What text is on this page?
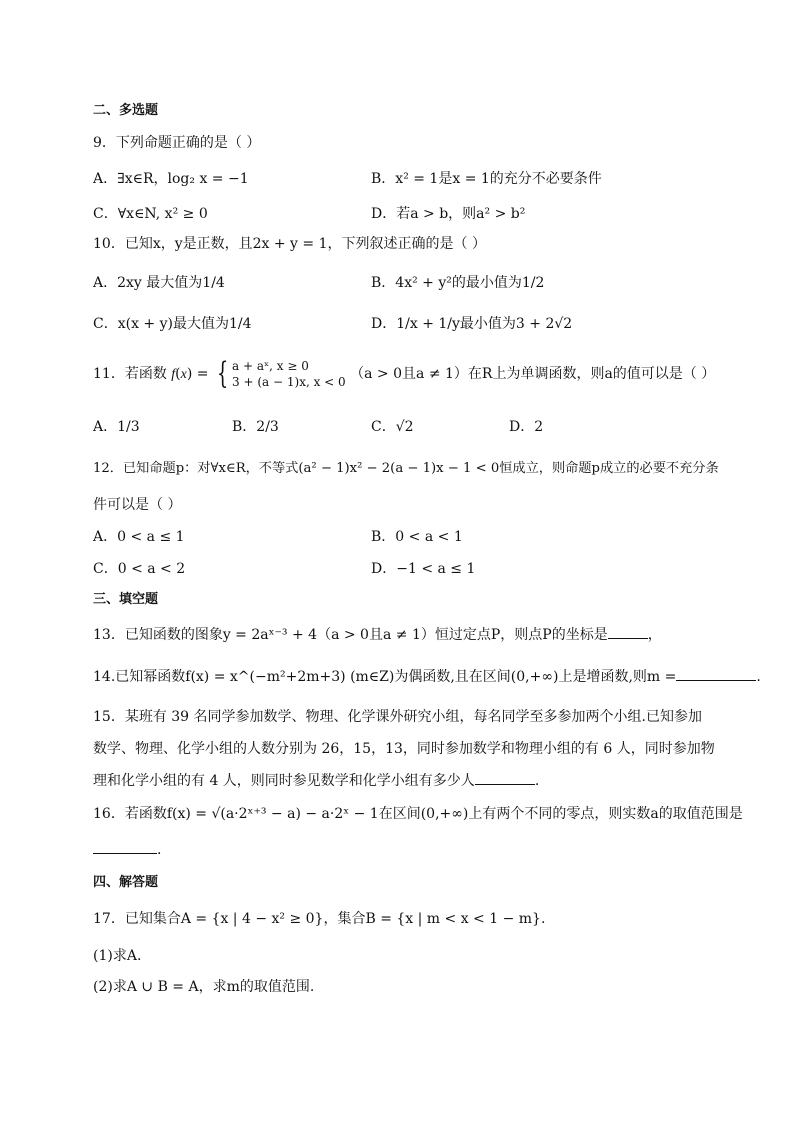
二、多选题
9．下列命题正确的是（ ）
A．∃x∈R，log₂ x = −1	B．x² = 1是x = 1的充分不必要条件
C．∀x∈N, x² ≥ 0	D．若a > b，则a² > b²
10．已知x，y是正数，且2x + y = 1，下列叙述正确的是（ ）
A．2xy 最大值为1/4	B．4x² + y²的最小值为1/2
C．x(x + y)最大值为1/4	D．1/x + 1/y最小值为3 + 2√2
11．若函数 f(x) = { a + aˣ, x ≥ 0
3 + (a − 1)x, x < 0 （a > 0且a ≠ 1）在R上为单调函数，则a的值可以是（ ）
A．1/3	B．2/3	C．√2	D．2
12．已知命题p：对∀x∈R，不等式(a² − 1)x² − 2(a − 1)x − 1 < 0恒成立，则命题p成立的必要不充分条
件可以是（ ）
A．0 < a ≤ 1	B．0 < a < 1
C．0 < a < 2	D．−1 < a ≤ 1
三、填空题
13．已知函数的图象y = 2aˣ⁻³ + 4（a > 0且a ≠ 1）恒过定点P，则点P的坐标是	，
14.已知幂函数f(x) = x^(−m²+2m+3) (m∈Z)为偶函数,且在区间(0,+∞)上是增函数,则m =	.
15．某班有 39 名同学参加数学、物理、化学课外研究小组，每名同学至多参加两个小组.已知参加
数学、物理、化学小组的人数分别为 26，15，13，同时参加数学和物理小组的有 6 人，同时参加物
理和化学小组的有 4 人，则同时参见数学和化学小组有多少人	.
16．若函数f(x) = √(a·2ˣ⁺³ − a) − a·2ˣ − 1在区间(0,+∞)上有两个不同的零点，则实数a的取值范围是
.
四、解答题
17．已知集合A = {x | 4 − x² ≥ 0}，集合B = {x | m < x < 1 − m}.
(1)求A.
(2)求A ∪ B = A，求m的取值范围.
